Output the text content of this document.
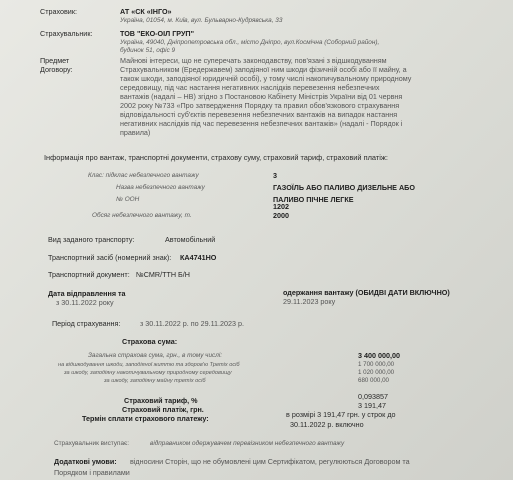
Страховик:	АТ «СК «ІНГО»
Україна, 01054, м. Київ, вул. Бульварно-Кудрявська, 33
Страхувальник:	ТОВ "ЕКО-ОІЛ ГРУП"
Україна, 49040, Дніпропетровська обл., місто Дніпро, вул.Космічна (Соборний район),
будинок 51, офіс 9
Предмет
Договору:
Майнові інтереси, що не суперечать законодавству, пов'язані з відшкодуванням
Страхувальником (Ередержавем) заподіяної ним шкоди фізичній особі або її майну, а
також шкоди, заподіяної юридичній особі), у тому числі накопичувальному природному
середовищу, під час настання негативних наслідків перевезення небезпечних
вантажів (надалі – НВ) згідно з Постановою Кабінету Міністрів України від 01 червня
2002 року №733 «Про затвердження Порядку та правил обов'язкового страхування
відповідальності суб'єктів перевезення небезпечних вантажів на випадок настання
негативних наслідків під час перевезення небезпечних вантажів» (надалі - Порядок і
правила)
Інформація про вантаж, транспортні документи, страхову суму, страховий тариф, страховий платіж:
Клас: підклас небезпечного вантажу	3
Назва небезпечного вантажу	ГАЗОЇЛЬ АБО ПАЛИВО ДИЗЕЛЬНЕ АБО
ПАЛИВО ПІЧНЕ ЛЕГКЕ
№ ООН
1202
Обсяг небезпечного вантажу, т.	2000
Вид заданого транспорту:	Автомобільний
Транспортний засіб (номерний знак): КА4741НО
Транспортний документ: №CMR/TTH Б/Н
Дата відправлення та
з 30.11.2022 року
одержання вантажу (ОБИДВІ ДАТИ ВКЛЮЧНО)
29.11.2023 року
Період страхування:	з 30.11.2022 р. по 29.11.2023 р.
Страхова сума:
Загальна страхова сума, грн., в тому числі:	3 400 000,00
на відшкодування шкоди, заподіяної життю та здоров'ю Третіх осіб	1 700 000,00
за шкоду, заподіяну накопичувальному природному середовищу	1 020 000,00
за шкоду, заподіяну майну третіх осіб	680 000,00
Страховий тариф, %	0,093857
Страховий платіж, грн.	3 191,47
Термін сплати страхового платежу:	в розмірі 3 191,47 грн. у строк до
30.11.2022 р. включно
Страхувальник виступає:	відправником одержувачем перевізником небезпечного вантажу
Додаткові умови: відносини Сторін, що не обумовлені цим Сертифікатом, регулюються Договором та
Порядком і правилами
